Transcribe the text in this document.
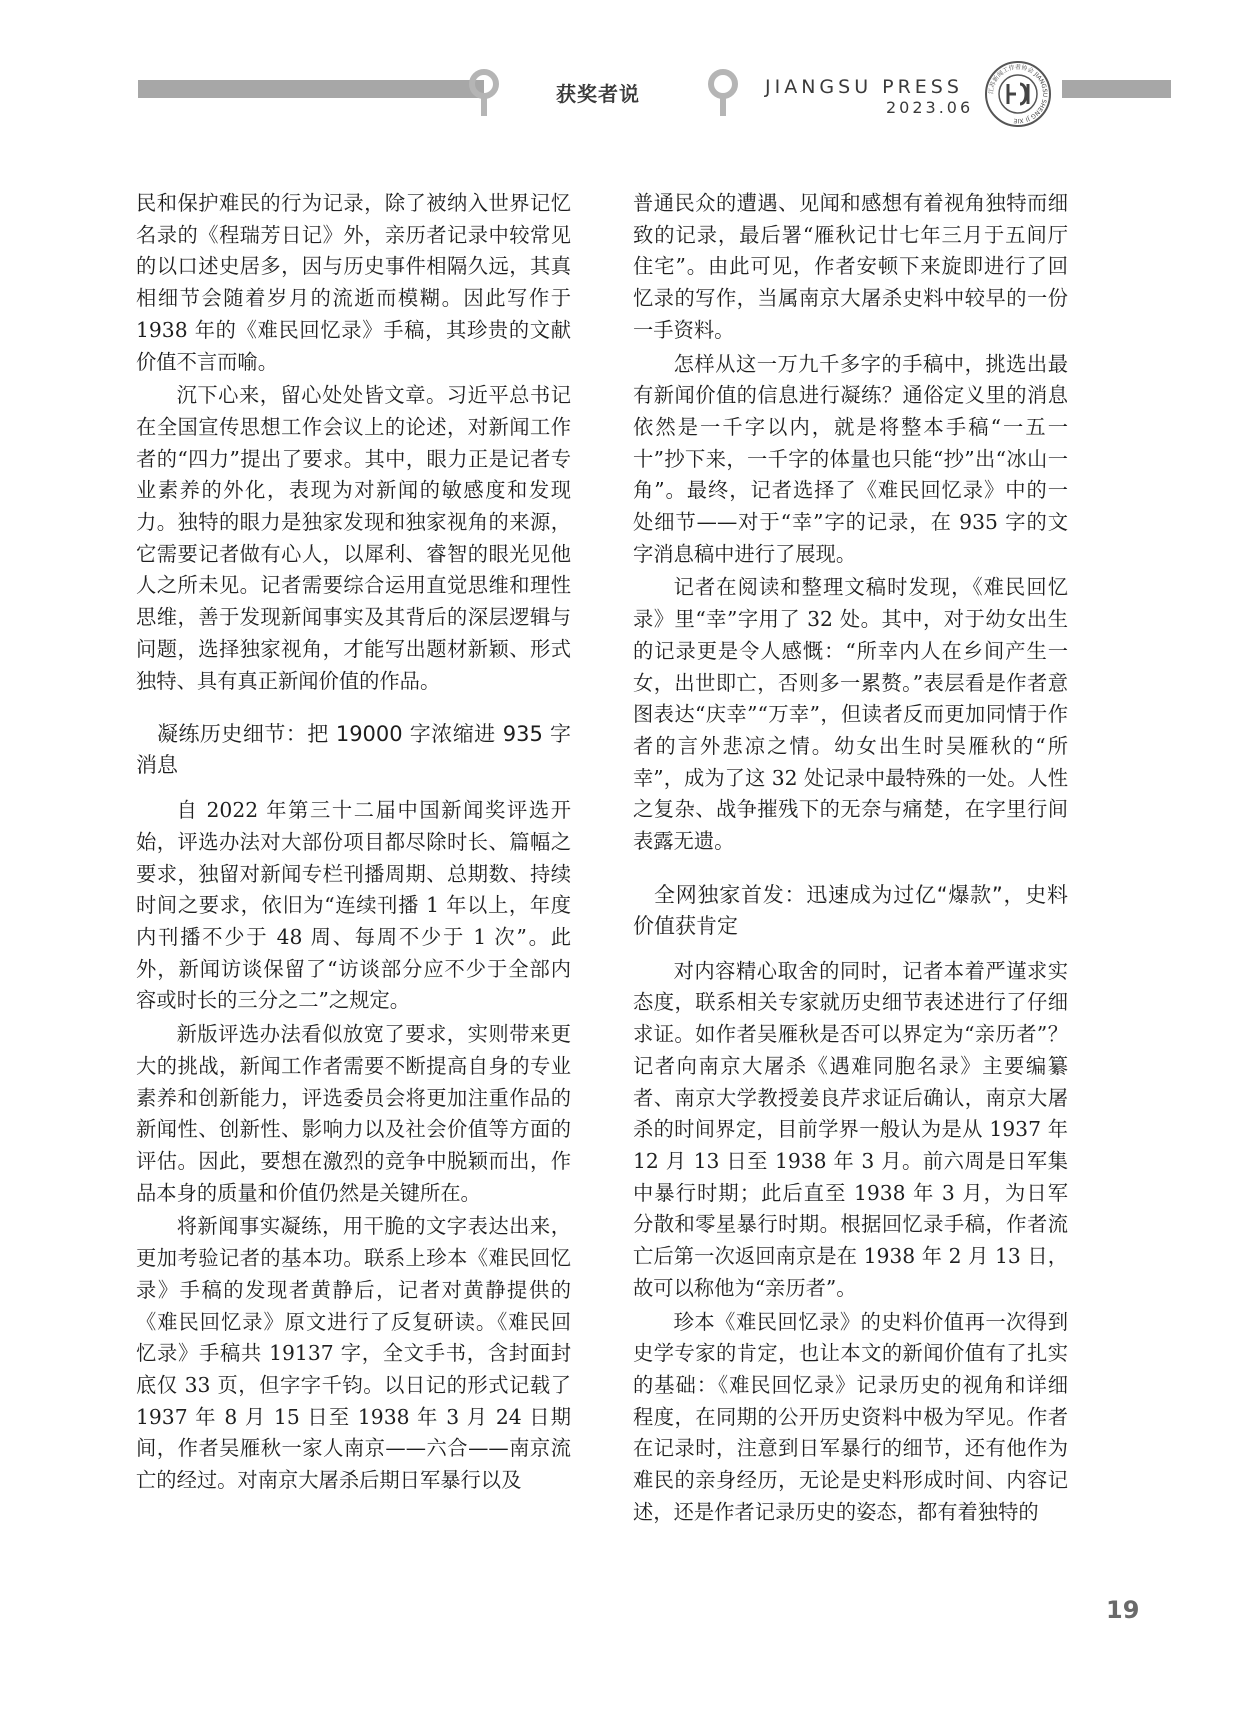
获奖者说	JIANGSU PRESS
2023.06
江苏新闻工作者协会 JIANGSU SHENG JI XIE

民和保护难民的行为记录，除了被纳入世界记忆名录的《程瑞芳日记》外，亲历者记录中较常见的以口述史居多，因与历史事件相隔久远，其真相细节会随着岁月的流逝而模糊。因此写作于 1938 年的《难民回忆录》手稿，其珍贵的文献价值不言而喻。

沉下心来，留心处处皆文章。习近平总书记在全国宣传思想工作会议上的论述，对新闻工作者的“四力”提出了要求。其中，眼力正是记者专业素养的外化，表现为对新闻的敏感度和发现力。独特的眼力是独家发现和独家视角的来源，它需要记者做有心人，以犀利、睿智的眼光见他人之所未见。记者需要综合运用直觉思维和理性思维，善于发现新闻事实及其背后的深层逻辑与问题，选择独家视角，才能写出题材新颖、形式独特、具有真正新闻价值的作品。

凝练历史细节：把 19000 字浓缩进 935 字消息

自 2022 年第三十二届中国新闻奖评选开始，评选办法对大部份项目都尽除时长、篇幅之要求，独留对新闻专栏刊播周期、总期数、持续时间之要求，依旧为“连续刊播 1 年以上，年度内刊播不少于 48 周、每周不少于 1 次”。此外，新闻访谈保留了“访谈部分应不少于全部内容或时长的三分之二”之规定。

新版评选办法看似放宽了要求，实则带来更大的挑战，新闻工作者需要不断提高自身的专业素养和创新能力，评选委员会将更加注重作品的新闻性、创新性、影响力以及社会价值等方面的评估。因此，要想在激烈的竞争中脱颖而出，作品本身的质量和价值仍然是关键所在。

将新闻事实凝练，用干脆的文字表达出来，更加考验记者的基本功。联系上珍本《难民回忆录》手稿的发现者黄静后，记者对黄静提供的《难民回忆录》原文进行了反复研读。《难民回忆录》手稿共 19137 字，全文手书，含封面封底仅 33 页，但字字千钧。以日记的形式记载了 1937 年 8 月 15 日至 1938 年 3 月 24 日期间，作者吴雁秋一家人南京——六合——南京流亡的经过。对南京大屠杀后期日军暴行以及

普通民众的遭遇、见闻和感想有着视角独特而细致的记录，最后署“雁秋记廿七年三月于五间厅住宅”。由此可见，作者安顿下来旋即进行了回忆录的写作，当属南京大屠杀史料中较早的一份一手资料。

怎样从这一万九千多字的手稿中，挑选出最有新闻价值的信息进行凝练？通俗定义里的消息依然是一千字以内，就是将整本手稿“一五一十”抄下来，一千字的体量也只能“抄”出“冰山一角”。最终，记者选择了《难民回忆录》中的一处细节——对于“幸”字的记录，在 935 字的文字消息稿中进行了展现。

记者在阅读和整理文稿时发现，《难民回忆录》里“幸”字用了 32 处。其中，对于幼女出生的记录更是令人感慨：“所幸内人在乡间产生一女，出世即亡，否则多一累赘。”表层看是作者意图表达“庆幸”“万幸”，但读者反而更加同情于作者的言外悲凉之情。幼女出生时吴雁秋的“所幸”，成为了这 32 处记录中最特殊的一处。人性之复杂、战争摧残下的无奈与痛楚，在字里行间表露无遗。

全网独家首发：迅速成为过亿“爆款”，史料价值获肯定

对内容精心取舍的同时，记者本着严谨求实态度，联系相关专家就历史细节表述进行了仔细求证。如作者吴雁秋是否可以界定为“亲历者”？记者向南京大屠杀《遇难同胞名录》主要编纂者、南京大学教授姜良芹求证后确认，南京大屠杀的时间界定，目前学界一般认为是从 1937 年 12 月 13 日至 1938 年 3 月。前六周是日军集中暴行时期；此后直至 1938 年 3 月，为日军分散和零星暴行时期。根据回忆录手稿，作者流亡后第一次返回南京是在 1938 年 2 月 13 日，故可以称他为“亲历者”。

珍本《难民回忆录》的史料价值再一次得到史学专家的肯定，也让本文的新闻价值有了扎实的基础：《难民回忆录》记录历史的视角和详细程度，在同期的公开历史资料中极为罕见。作者在记录时，注意到日军暴行的细节，还有他作为难民的亲身经历，无论是史料形成时间、内容记述，还是作者记录历史的姿态，都有着独特的

19
